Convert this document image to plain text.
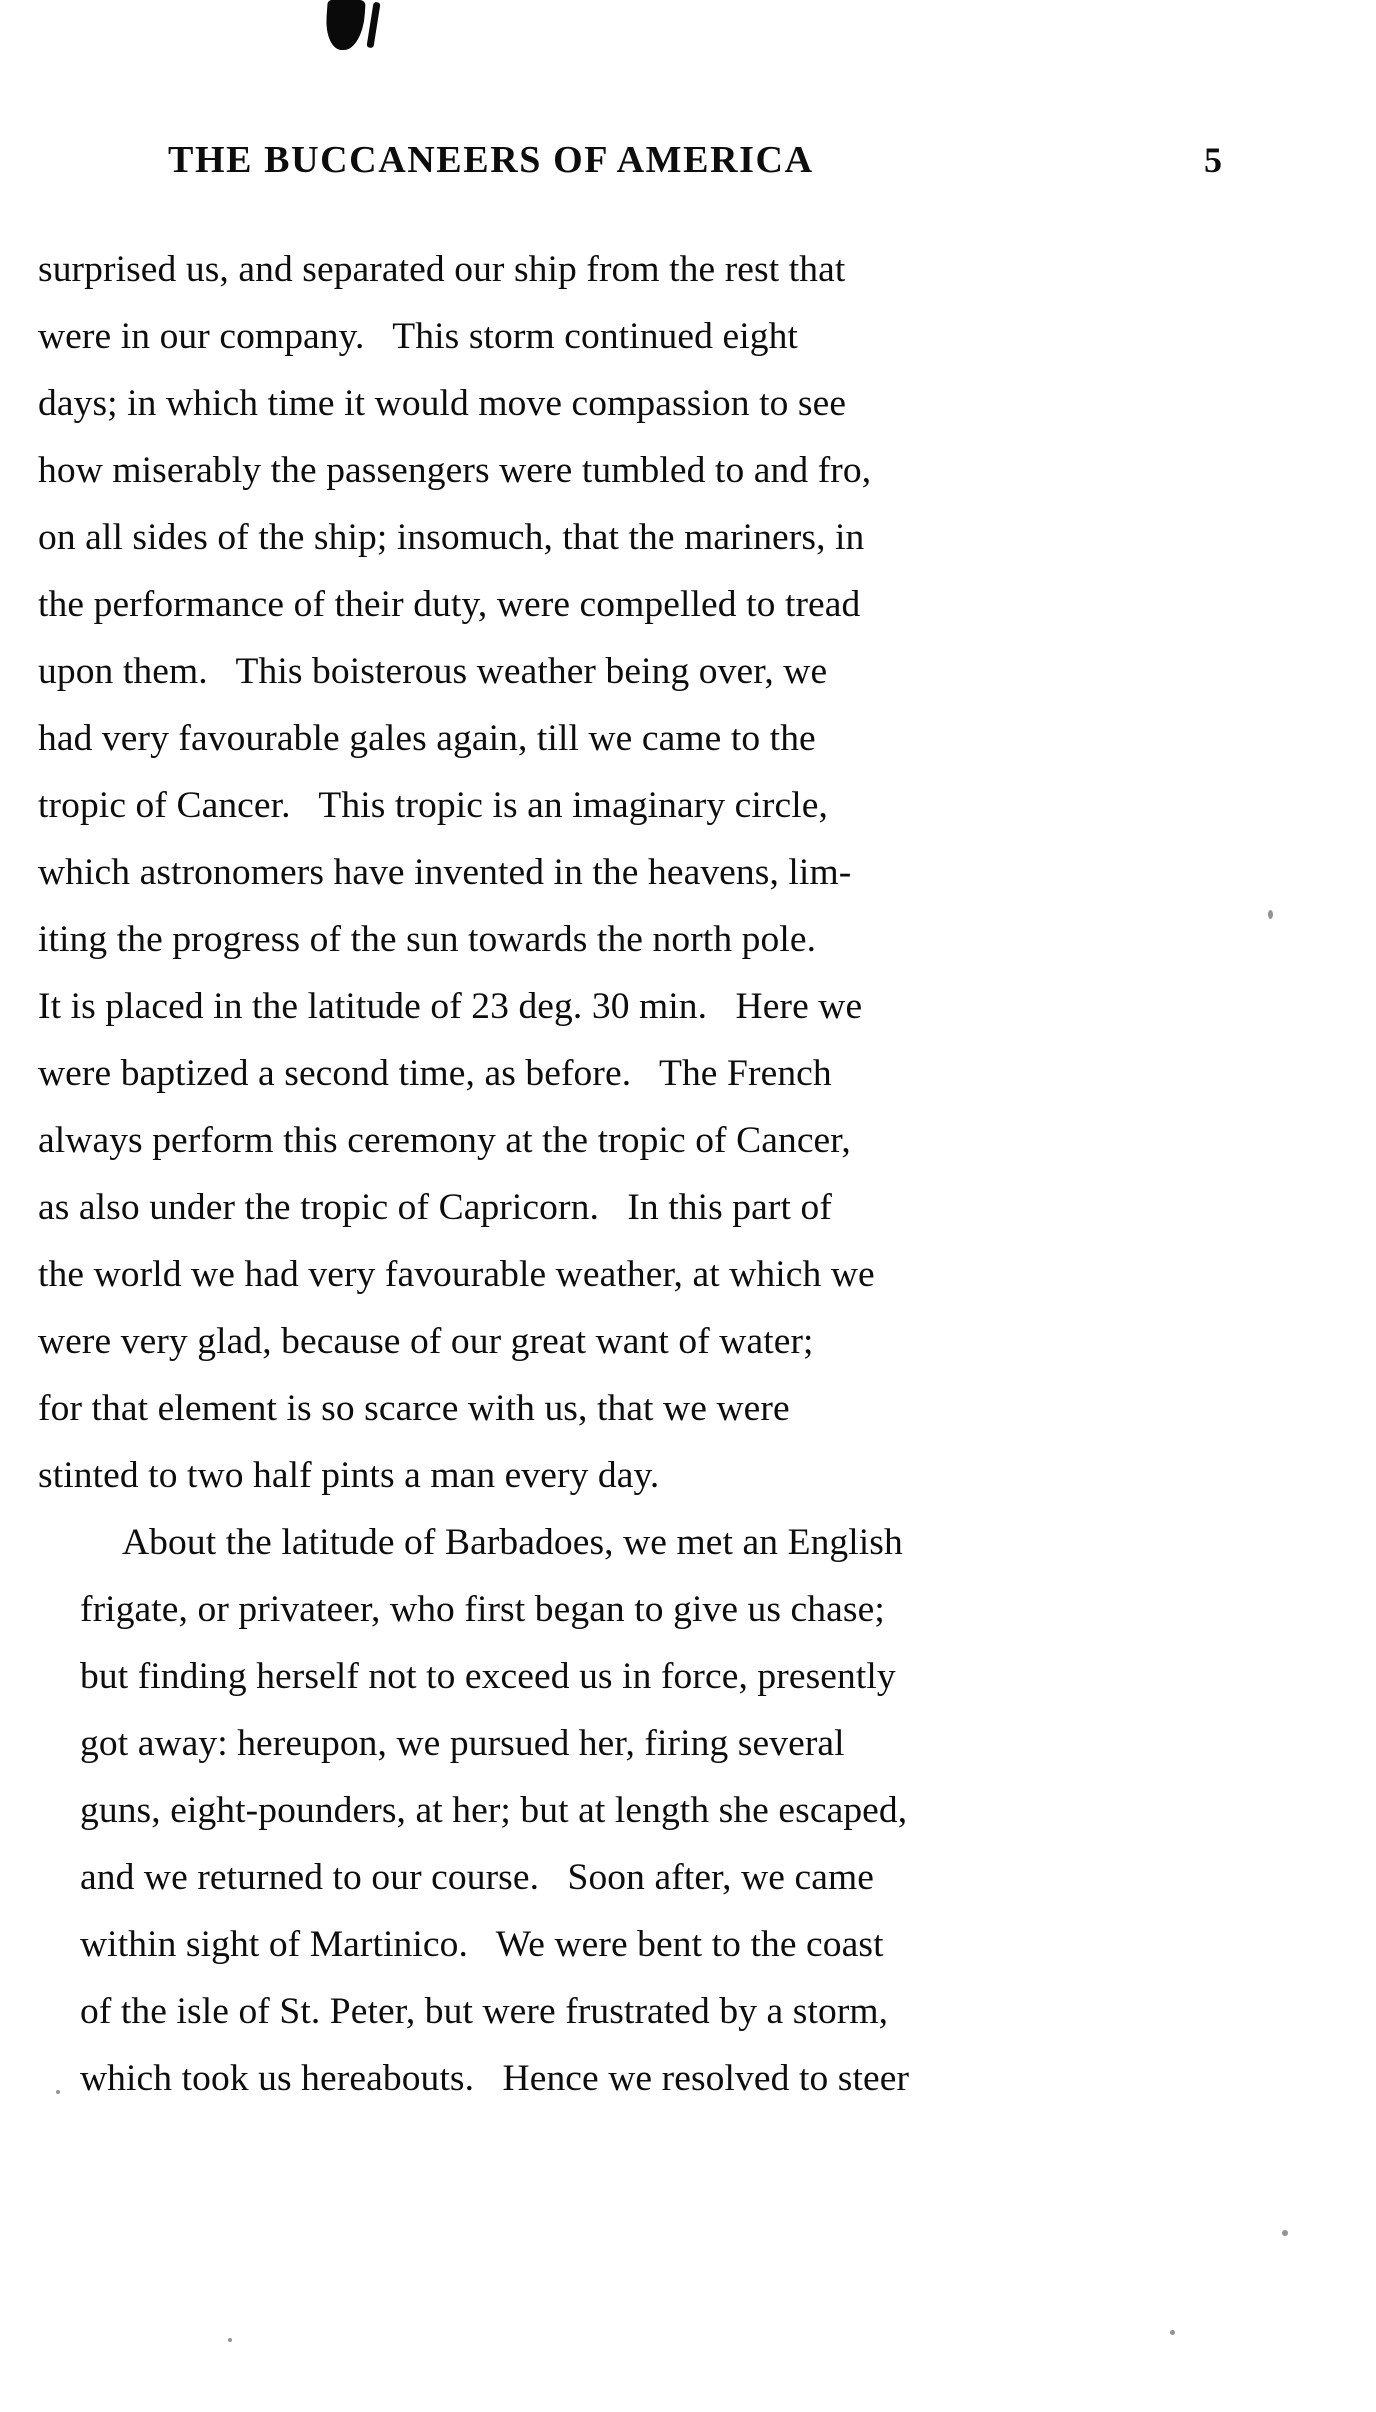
THE BUCCANEERS OF AMERICA	5

surprised us, and separated our ship from the rest that
were in our company.   This storm continued eight
days; in which time it would move compassion to see
how miserably the passengers were tumbled to and fro,
on all sides of the ship; insomuch, that the mariners, in
the performance of their duty, were compelled to tread
upon them.   This boisterous weather being over, we
had very favourable gales again, till we came to the
tropic of Cancer.   This tropic is an imaginary circle,
which astronomers have invented in the heavens, lim-
iting the progress of the sun towards the north pole.
It is placed in the latitude of 23 deg. 30 min.   Here we
were baptized a second time, as before.   The French
always perform this ceremony at the tropic of Cancer,
as also under the tropic of Capricorn.   In this part of
the world we had very favourable weather, at which we
were very glad, because of our great want of water;
for that element is so scarce with us, that we were
stinted to two half pints a man every day.

About the latitude of Barbadoes, we met an English
frigate, or privateer, who first began to give us chase;
but finding herself not to exceed us in force, presently
got away: hereupon, we pursued her, firing several
guns, eight-pounders, at her; but at length she escaped,
and we returned to our course.   Soon after, we came
within sight of Martinico.   We were bent to the coast
of the isle of St. Peter, but were frustrated by a storm,
which took us hereabouts.   Hence we resolved to steer
